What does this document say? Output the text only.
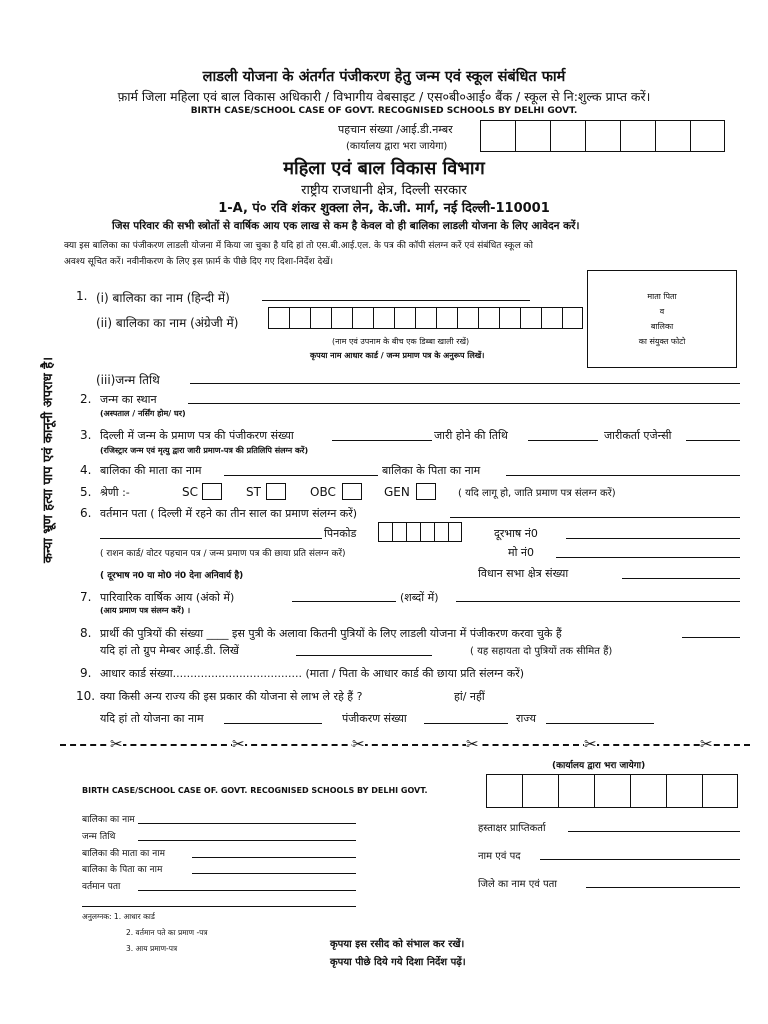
लाडली योजना के अंतर्गत पंजीकरण हेतु जन्म एवं स्कूल संबंधित फार्म
फ़ार्म जिला महिला एवं बाल विकास अधिकारी / विभागीय वेबसाइट / एस०बी०आई० बैंक / स्कूल से नि:शुल्क प्राप्त करें।
BIRTH CASE/SCHOOL CASE OF GOVT. RECOGNISED SCHOOLS BY DELHI GOVT.
पहचान संख्या /आई.डी.नम्बर
(कार्यालय द्वारा भरा जायेगा)
महिला एवं बाल विकास विभाग
राष्ट्रीय राजधानी क्षेत्र, दिल्ली सरकार
1-A, पं० रवि शंकर शुक्ला लेन, के.जी. मार्ग, नई दिल्ली-110001
जिस परिवार की सभी स्त्रोतों से वार्षिक आय एक लाख से कम है केवल वो ही बालिका लाडली योजना के लिए आवेदन करें।
क्या इस बालिका का पंजीकरण लाडली योजना में किया जा चुका है यदि हां तो एस.बी.आई.एल. के पत्र की कॉपी संलग्न करें एवं संबंधित स्कूल को
अवश्य सूचित करें। नवीनीकरण के लिए इस फ़ार्म के पीछे दिए गए दिशा-निर्देश देखें।
माता पिता
व
बालिका
का संयुक्त फोटो
कन्या भ्रूण हत्या पाप एवं कानूनी अपराध है।
1. (i) बालिका का नाम (हिन्दी में)
(ii) बालिका का नाम (अंग्रेजी में)
(नाम एवं उपनाम के बीच एक डिब्बा खाली रखें)
कृपया नाम आधार कार्ड / जन्म प्रमाण पत्र के अनुरूप लिखें।
(iii)जन्म तिथि
2. जन्म का स्थान
(अस्पताल / नर्सिंग होम/ घर)
3. दिल्ली में जन्म के प्रमाण पत्र की पंजीकरण संख्या	जारी होने की तिथि	जारीकर्ता एजेन्सी
(रजिस्ट्रार जन्म एवं मृत्यु द्वारा जारी प्रमाण-पत्र की प्रतिलिपि संलग्न करें)
4. बालिका की माता का नाम	बालिका के पिता का नाम
5. श्रेणी :-	SC	ST	OBC	GEN	( यदि लागू हो, जाति प्रमाण पत्र संलग्न करें)
6. वर्तमान पता ( दिल्ली में रहने का तीन साल का प्रमाण संलग्न करें)
पिनकोड	दूरभाष नं0
( राशन कार्ड/ वोटर पहचान पत्र / जन्म प्रमाण पत्र की छाया प्रति संलग्न करें)	मो नं0
( दूरभाष न0 या मो0 नं0 देना अनिवार्य है)	विधान सभा क्षेत्र संख्या
7. पारिवारिक वार्षिक आय (अंको में)	(शब्दों में)
(आय प्रमाण पत्र संलग्न करें) ।
8. प्रार्थी की पुत्रियों की संख्या ____ इस पुत्री के अलावा कितनी पुत्रियों के लिए लाडली योजना में पंजीकरण करवा चुके हैं
यदि हां तो ग्रुप मेम्बर आई.डी. लिखें	( यह सहायता दो पुत्रियों तक सीमित हैं)
9. आधार कार्ड संख्या..................................... (माता / पिता के आधार कार्ड की छाया प्रति संलग्न करें)
10. क्या किसी अन्य राज्य की इस प्रकार की योजना से लाभ ले रहे हैं ?	हां/ नहीं
यदि हां तो योजना का नाम	पंजीकरण संख्या	राज्य
✂	✂	✂	✂	✂	✂
(कार्यालय द्वारा भरा जायेगा)
BIRTH CASE/SCHOOL CASE OF. GOVT. RECOGNISED SCHOOLS BY DELHI GOVT.
बालिका का नाम
जन्म तिथि
बालिका की माता का नाम
बालिका के पिता का नाम
वर्तमान पता
हस्ताक्षर प्राप्तिकर्ता
नाम एवं पद
जिले का नाम एवं पता
अनुलग्नक: 1. आधार कार्ड
2. वर्तमान पते का प्रमाण -पत्र
3. आय प्रमाण-पत्र	कृपया इस रसीद को संभाल कर रखें।
कृपया पीछे दिये गये दिशा निर्देश पढ़ें।
